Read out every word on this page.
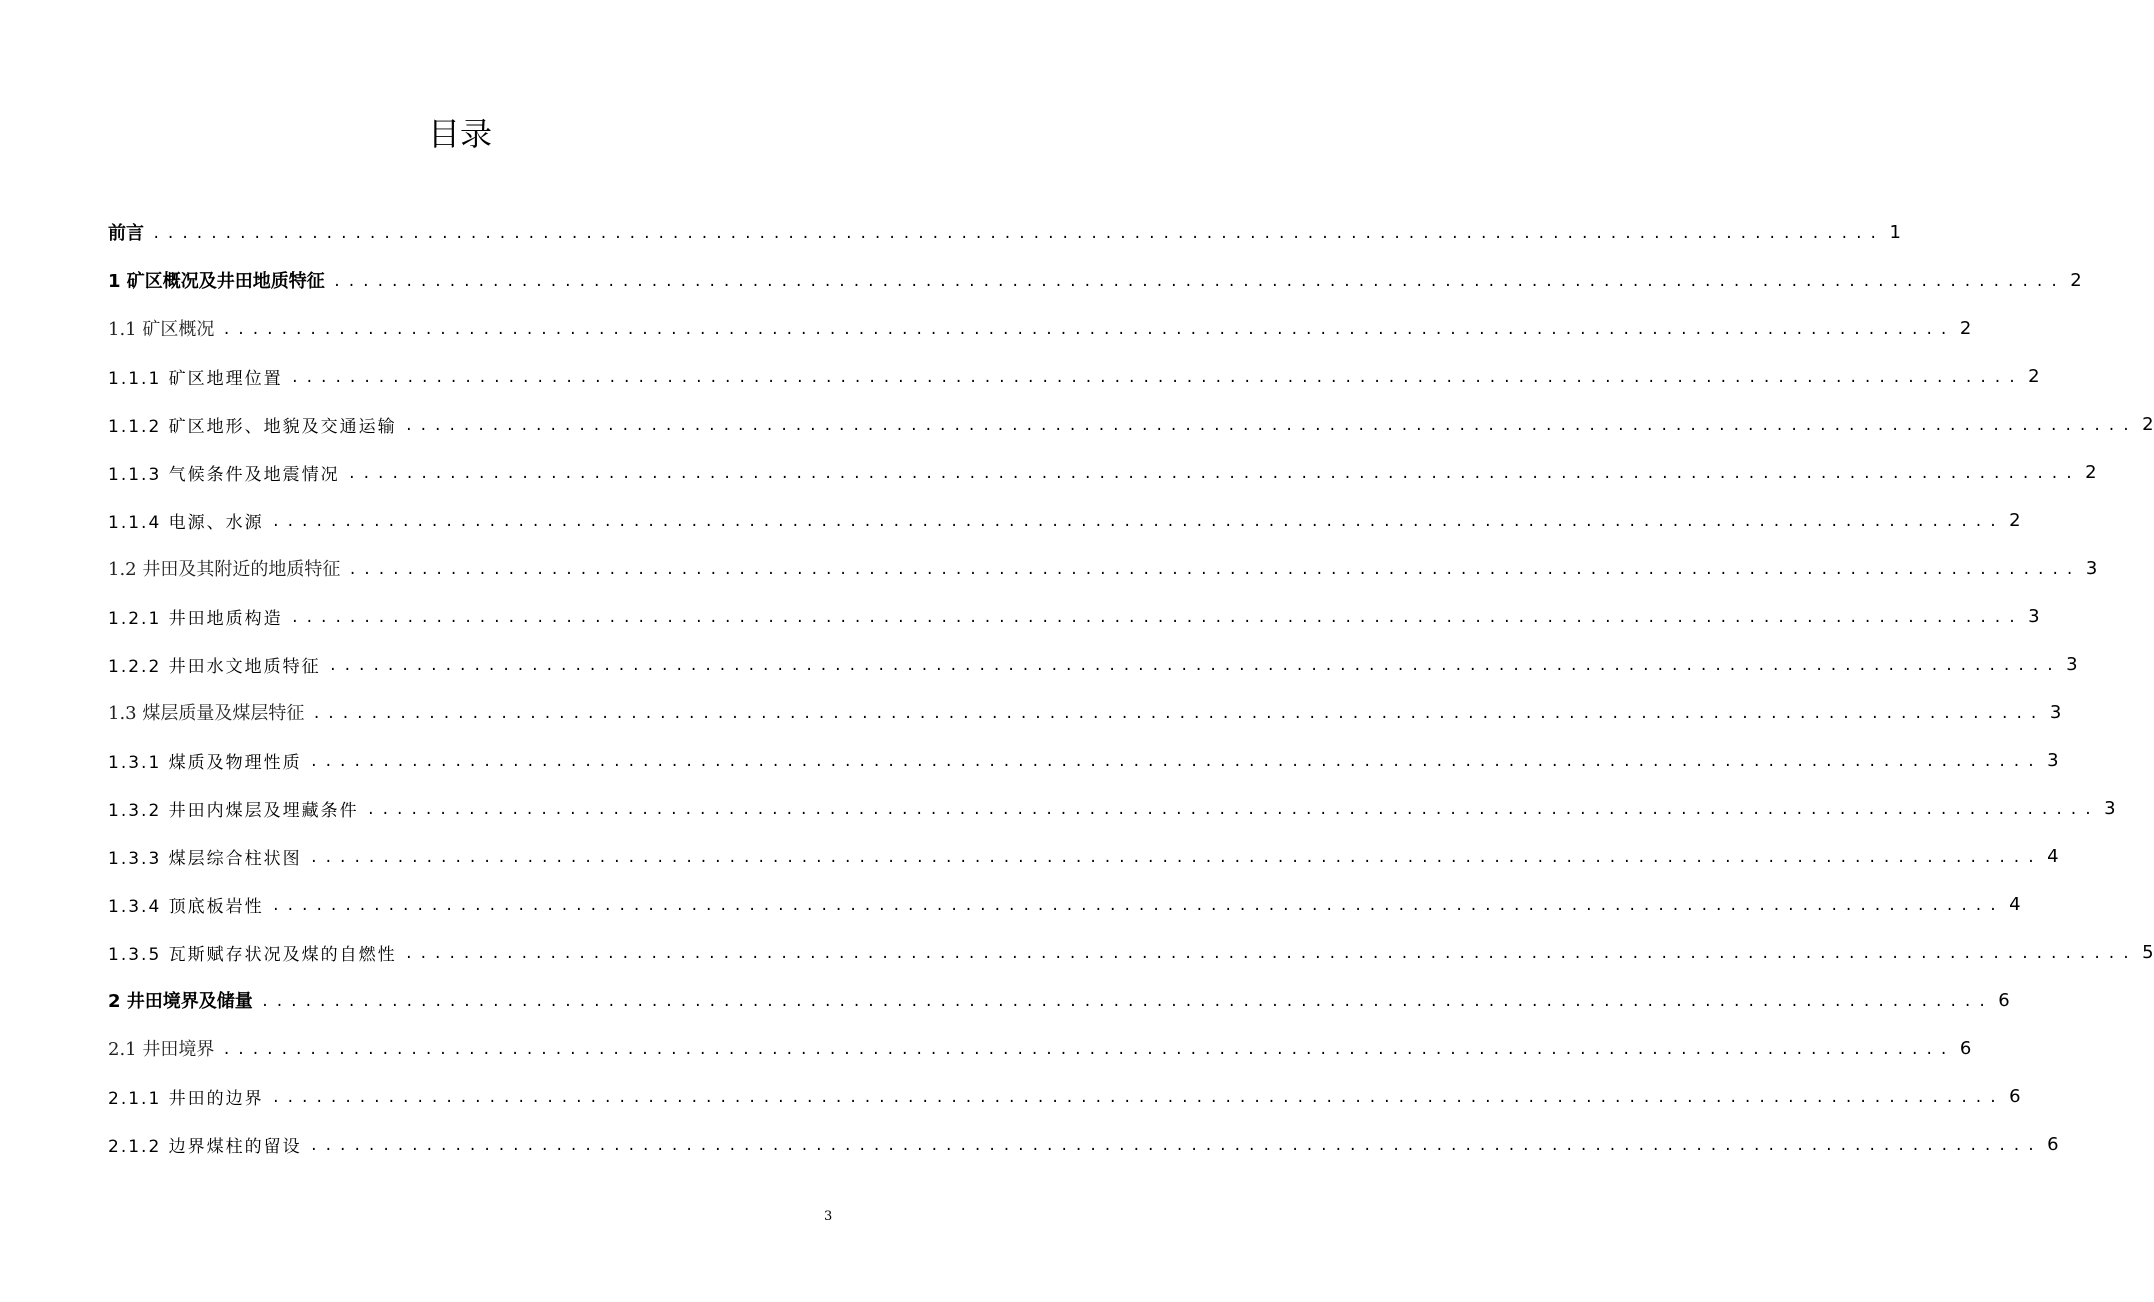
目录
前言 ........................................................................................................................ 1
1 矿区概况及井田地质特征 ........................................................................................................................ 2
1.1 矿区概况 ........................................................................................................................ 2
1.1.1 矿区地理位置 ........................................................................................................................ 2
1.1.2 矿区地形、地貌及交通运输 ........................................................................................................................ 2
1.1.3 气候条件及地震情况 ........................................................................................................................ 2
1.1.4 电源、水源 ........................................................................................................................ 2
1.2 井田及其附近的地质特征 ........................................................................................................................ 3
1.2.1 井田地质构造 ........................................................................................................................ 3
1.2.2 井田水文地质特征 ........................................................................................................................ 3
1.3 煤层质量及煤层特征 ........................................................................................................................ 3
1.3.1 煤质及物理性质 ........................................................................................................................ 3
1.3.2 井田内煤层及埋藏条件 ........................................................................................................................ 3
1.3.3 煤层综合柱状图 ........................................................................................................................ 4
1.3.4 顶底板岩性 ........................................................................................................................ 4
1.3.5 瓦斯赋存状况及煤的自燃性 ........................................................................................................................ 5
2 井田境界及储量 ........................................................................................................................ 6
2.1 井田境界 ........................................................................................................................ 6
2.1.1 井田的边界 ........................................................................................................................ 6
2.1.2 边界煤柱的留设 ........................................................................................................................ 6
3
